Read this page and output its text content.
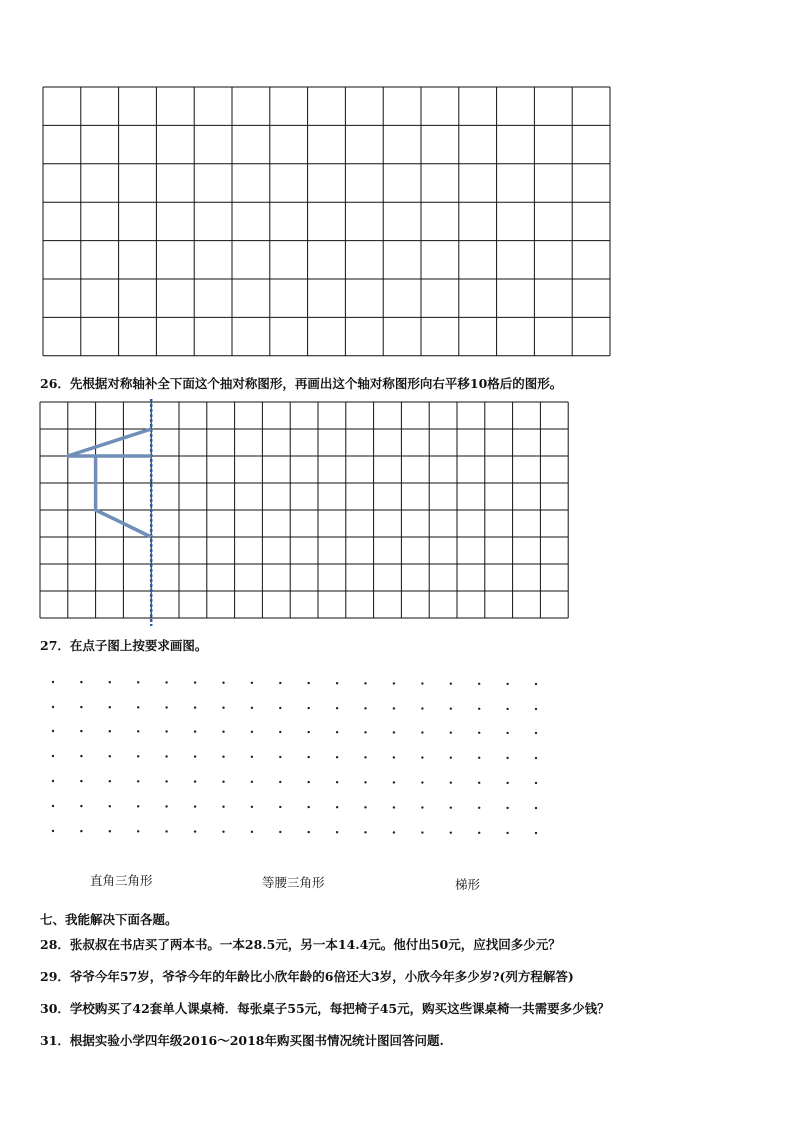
26．先根据对称轴补全下面这个抽对称图形，再画出这个轴对称图形向右平移10格后的图形。
27．在点子图上按要求画图。
直角三角形	等腰三角形	梯形
七、我能解决下面各题。
28．张叔叔在书店买了两本书。一本28.5元，另一本14.4元。他付出50元，应找回多少元？
29．爷爷今年57岁，爷爷今年的年龄比小欣年龄的6倍还大3岁，小欣今年多少岁?(列方程解答)
30．学校购买了42套单人课桌椅．每张桌子55元，每把椅子45元，购买这些课桌椅一共需要多少钱？
31．根据实验小学四年级2016～2018年购买图书情况统计图回答问题.
